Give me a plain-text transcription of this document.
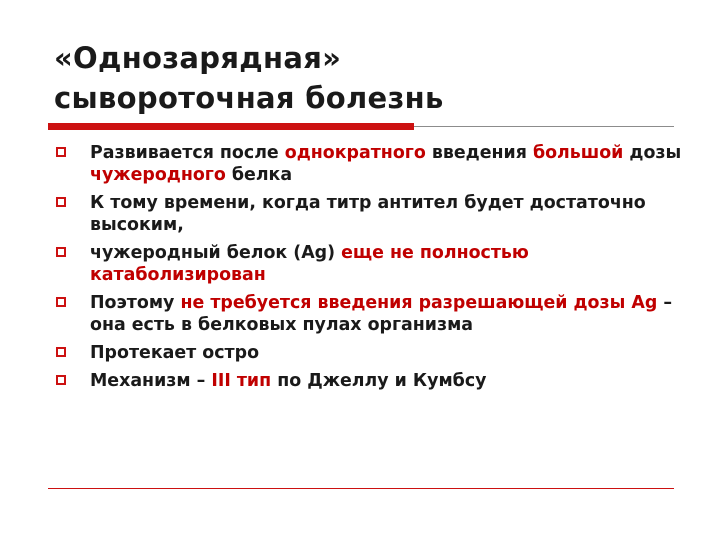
«Однозарядная»
сывороточная болезнь
Развивается после однократного введения большой дозы чужеродного белка
К тому времени, когда титр антител будет достаточно высоким,
чужеродный белок (Ag) еще не полностью катаболизирован
Поэтому не требуется введения разрешающей дозы Ag – она есть в белковых пулах организма
Протекает остро
Механизм – III тип по Джеллу и Кумбсу
